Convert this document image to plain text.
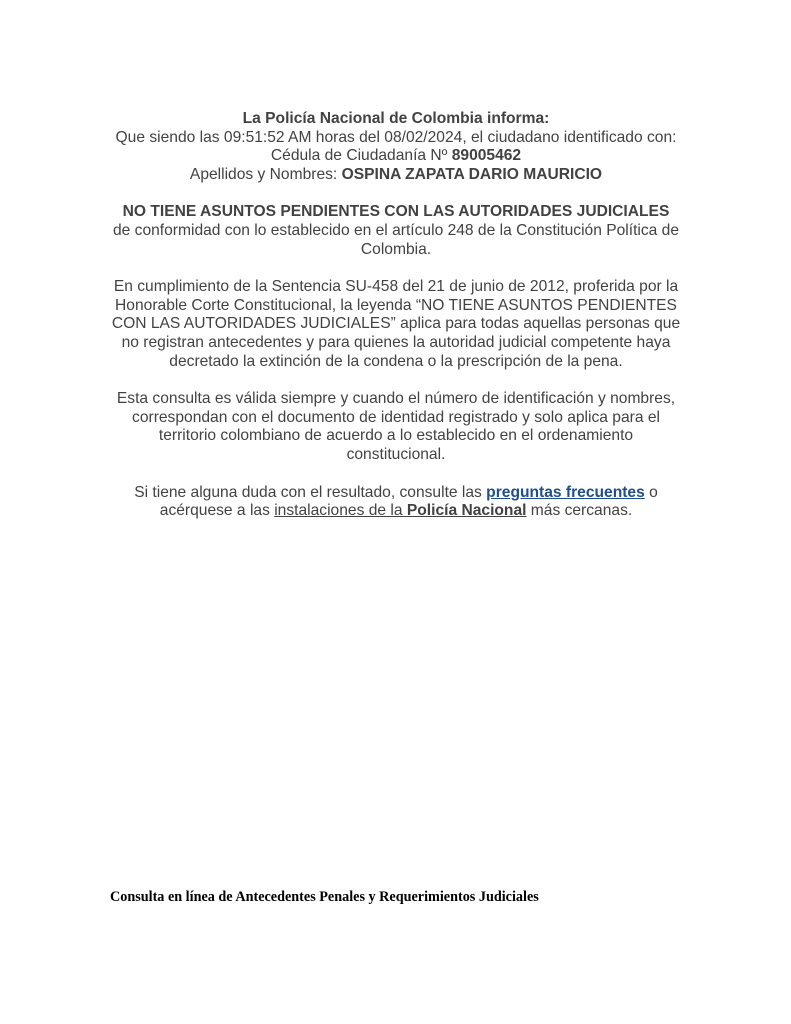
La Policía Nacional de Colombia informa:
Que siendo las 09:51:52 AM horas del 08/02/2024, el ciudadano identificado con:
Cédula de Ciudadanía Nº 89005462
Apellidos y Nombres: OSPINA ZAPATA DARIO MAURICIO

NO TIENE ASUNTOS PENDIENTES CON LAS AUTORIDADES JUDICIALES
de conformidad con lo establecido en el artículo 248 de la Constitución Política de Colombia.

En cumplimiento de la Sentencia SU-458 del 21 de junio de 2012, proferida por la Honorable Corte Constitucional, la leyenda “NO TIENE ASUNTOS PENDIENTES CON LAS AUTORIDADES JUDICIALES” aplica para todas aquellas personas que no registran antecedentes y para quienes la autoridad judicial competente haya decretado la extinción de la condena o la prescripción de la pena.

Esta consulta es válida siempre y cuando el número de identificación y nombres, correspondan con el documento de identidad registrado y solo aplica para el territorio colombiano de acuerdo a lo establecido en el ordenamiento constitucional.

Si tiene alguna duda con el resultado, consulte las preguntas frecuentes o acérquese a las instalaciones de la Policía Nacional más cercanas.

Consulta en línea de Antecedentes Penales y Requerimientos Judiciales
